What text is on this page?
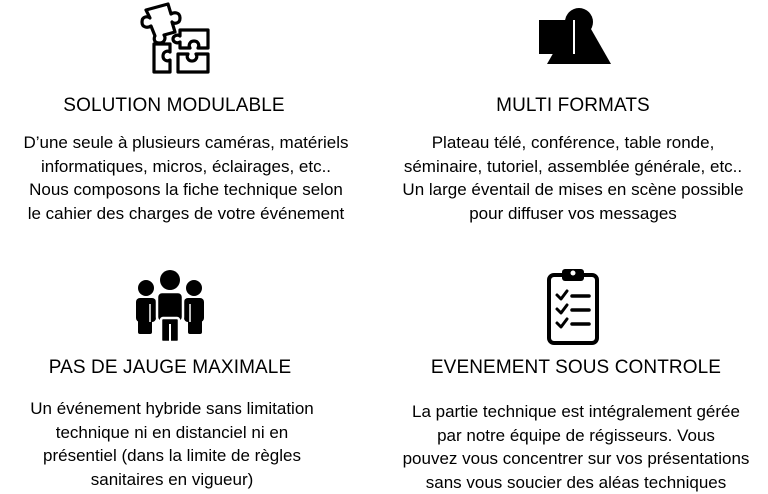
SOLUTION MODULABLE
D’une seule à plusieurs caméras, matériels
informatiques, micros, éclairages, etc..
Nous composons la fiche technique selon
le cahier des charges de votre événement
MULTI FORMATS
Plateau télé, conférence, table ronde,
séminaire, tutoriel, assemblée générale, etc..
Un large éventail de mises en scène possible
pour diffuser vos messages
PAS DE JAUGE MAXIMALE
Un événement hybride sans limitation
technique ni en distanciel ni en
présentiel (dans la limite de règles
sanitaires en vigueur)
EVENEMENT SOUS CONTROLE
La partie technique est intégralement gérée
par notre équipe de régisseurs. Vous
pouvez vous concentrer sur vos présentations
sans vous soucier des aléas techniques
